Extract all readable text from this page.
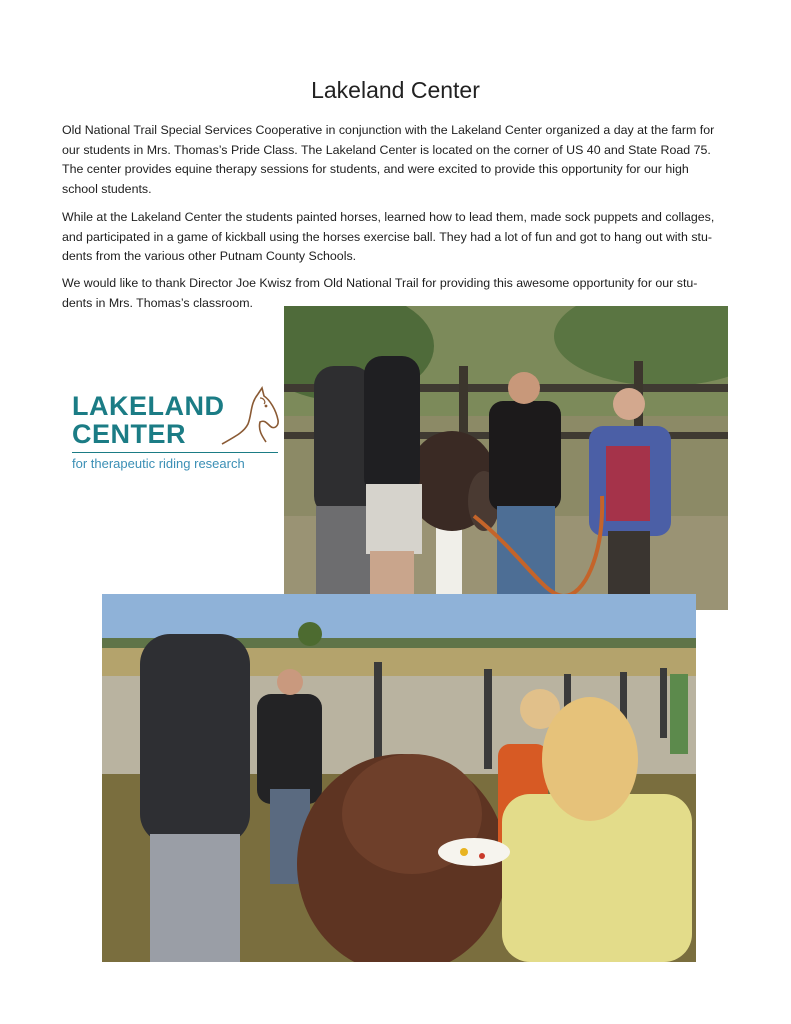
Lakeland Center

Old National Trail Special Services Cooperative in conjunction with the Lakeland Center organized a day at the farm for our students in Mrs. Thomas’s Pride Class. The Lakeland Center is located on the corner of US 40 and State Road 75. The center provides equine therapy sessions for students, and were excited to provide this opportunity for our high school students.

While at the Lakeland Center the students painted horses, learned how to lead them, made sock puppets and collages, and participated in a game of kickball using the horses exercise ball. They had a lot of fun and got to hang out with stu-dents from the various other Putnam County Schools.

We would like to thank Director Joe Kwisz from Old National Trail for providing this awesome opportunity for our stu-dents in Mrs. Thomas’s classroom.

LAKELAND
CENTER
for therapeutic riding research
